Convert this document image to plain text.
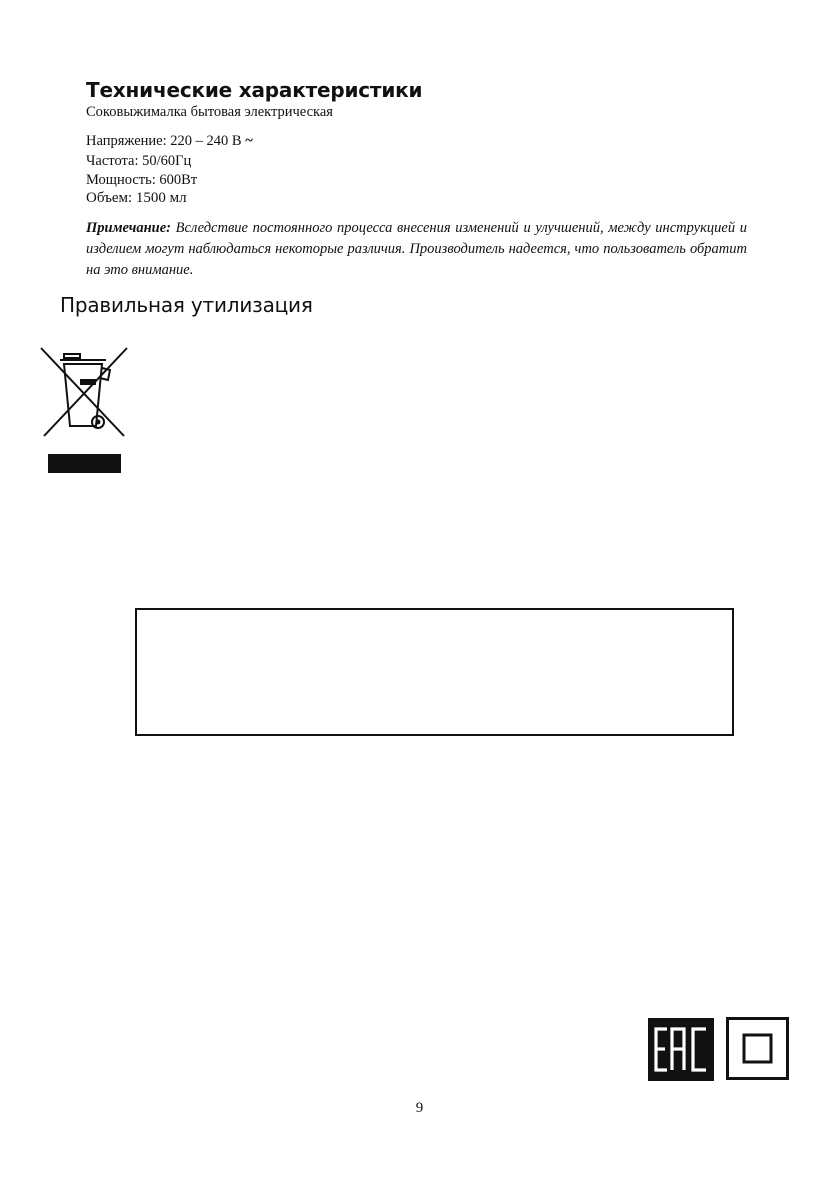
Технические характеристики
Соковыжималка бытовая электрическая
Напряжение: 220 – 240 В ~
Частота: 50/60Гц
Мощность: 600Вт
Объем: 1500 мл
Примечание: Вследствие постоянного процесса внесения изменений и улучшений, между инструкцией и изделием могут наблюдаться некоторые различия. Производитель надеется, что пользователь обратит на это внимание.
Правильная утилизация
9
